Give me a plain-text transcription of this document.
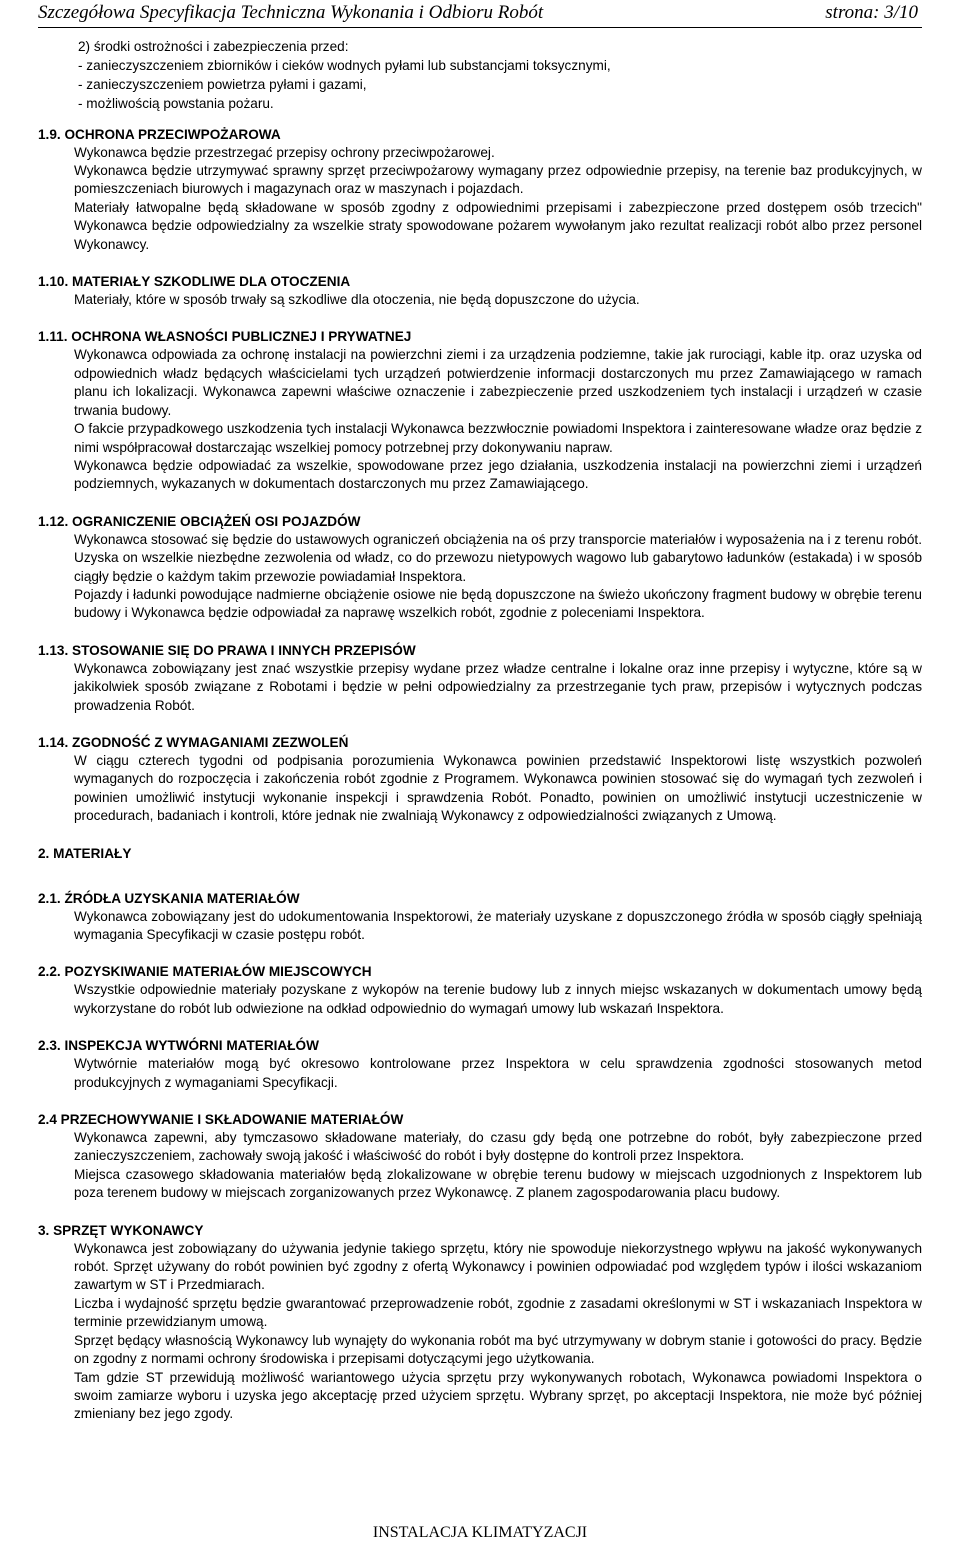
Szczegółowa Specyfikacja Techniczna Wykonania i Odbioru Robót	strona: 3/10
2) środki ostrożności i zabezpieczenia przed:
- zanieczyszczeniem zbiorników i cieków wodnych pyłami lub substancjami toksycznymi,
- zanieczyszczeniem powietrza pyłami i gazami,
- możliwością powstania pożaru.
1.9. OCHRONA PRZECIWPOŻAROWA

Wykonawca będzie przestrzegać przepisy ochrony przeciwpożarowej.

Wykonawca będzie utrzymywać sprawny sprzęt przeciwpożarowy wymagany przez odpowiednie przepisy, na terenie baz produkcyjnych, w pomieszczeniach biurowych i magazynach oraz w maszynach i pojazdach.

Materiały łatwopalne będą składowane w sposób zgodny z odpowiednimi przepisami i zabezpieczone przed dostępem osób trzecich" Wykonawca będzie odpowiedzialny za wszelkie straty spowodowane pożarem wywołanym jako rezultat realizacji robót albo przez personel Wykonawcy.

1.10. MATERIAŁY SZKODLIWE DLA OTOCZENIA

Materiały, które w sposób trwały są szkodliwe dla otoczenia, nie będą dopuszczone do użycia.

1.11. OCHRONA WŁASNOŚCI PUBLICZNEJ I PRYWATNEJ

Wykonawca odpowiada za ochronę instalacji na powierzchni ziemi i za urządzenia podziemne, takie jak rurociągi, kable itp. oraz uzyska od odpowiednich władz będących właścicielami tych urządzeń potwierdzenie informacji dostarczonych mu przez Zamawiającego w ramach planu ich lokalizacji. Wykonawca zapewni właściwe oznaczenie i zabezpieczenie przed uszkodzeniem tych instalacji i urządzeń w czasie trwania budowy.

O fakcie przypadkowego uszkodzenia tych instalacji Wykonawca bezzwłocznie powiadomi Inspektora i zainteresowane władze oraz będzie z nimi współpracował dostarczając wszelkiej pomocy potrzebnej przy dokonywaniu napraw.

Wykonawca będzie odpowiadać za wszelkie, spowodowane przez jego działania, uszkodzenia instalacji na powierzchni ziemi i urządzeń podziemnych, wykazanych w dokumentach dostarczonych mu przez Zamawiającego.

1.12. OGRANICZENIE OBCIĄŻEŃ OSI POJAZDÓW

Wykonawca stosować się będzie do ustawowych ograniczeń obciążenia na oś przy transporcie materiałów i wyposażenia na i z terenu robót. Uzyska on wszelkie niezbędne zezwolenia od władz, co do przewozu nietypowych wagowo lub gabarytowo ładunków (estakada) i w sposób ciągły będzie o każdym takim przewozie powiadamiał Inspektora.

Pojazdy i ładunki powodujące nadmierne obciążenie osiowe nie będą dopuszczone na świeżo ukończony fragment budowy w obrębie terenu budowy i Wykonawca będzie odpowiadał za naprawę wszelkich robót, zgodnie z poleceniami Inspektora.

1.13. STOSOWANIE SIĘ DO PRAWA I INNYCH PRZEPISÓW

Wykonawca zobowiązany jest znać wszystkie przepisy wydane przez władze centralne i lokalne oraz inne przepisy i wytyczne, które są w jakikolwiek sposób związane z Robotami i będzie w pełni odpowiedzialny za przestrzeganie tych praw, przepisów i wytycznych podczas prowadzenia Robót.

1.14. ZGODNOŚĆ Z WYMAGANIAMI ZEZWOLEŃ

W ciągu czterech tygodni od podpisania porozumienia Wykonawca powinien przedstawić Inspektorowi listę wszystkich pozwoleń wymaganych do rozpoczęcia i zakończenia robót zgodnie z Programem. Wykonawca powinien stosować się do wymagań tych zezwoleń i powinien umożliwić instytucji wykonanie inspekcji i sprawdzenia Robót. Ponadto, powinien on umożliwić instytucji uczestniczenie w procedurach, badaniach i kontroli, które jednak nie zwalniają Wykonawcy z odpowiedzialności związanych z Umową.

2. MATERIAŁY
2.1. ŹRÓDŁA UZYSKANIA MATERIAŁÓW

Wykonawca zobowiązany jest do udokumentowania Inspektorowi, że materiały uzyskane z dopuszczonego źródła w sposób ciągły spełniają wymagania Specyfikacji w czasie postępu robót.

2.2. POZYSKIWANIE MATERIAŁÓW MIEJSCOWYCH

Wszystkie odpowiednie materiały pozyskane z wykopów na terenie budowy lub z innych miejsc wskazanych w dokumentach umowy będą wykorzystane do robót lub odwiezione na odkład odpowiednio do wymagań umowy lub wskazań Inspektora.

2.3. INSPEKCJA WYTWÓRNI MATERIAŁÓW

Wytwórnie materiałów mogą być okresowo kontrolowane przez Inspektora w celu sprawdzenia zgodności stosowanych metod produkcyjnych z wymaganiami Specyfikacji.

2.4 PRZECHOWYWANIE I SKŁADOWANIE MATERIAŁÓW

Wykonawca zapewni, aby tymczasowo składowane materiały, do czasu gdy będą one potrzebne do robót, były zabezpieczone przed zanieczyszczeniem, zachowały swoją jakość i właściwość do robót i były dostępne do kontroli przez Inspektora.

Miejsca czasowego składowania materiałów będą zlokalizowane w obrębie terenu budowy w miejscach uzgodnionych z Inspektorem lub poza terenem budowy w miejscach zorganizowanych przez Wykonawcę. Z planem zagospodarowania placu budowy.

3. SPRZĘT WYKONAWCY

Wykonawca jest zobowiązany do używania jedynie takiego sprzętu, który nie spowoduje niekorzystnego wpływu na jakość wykonywanych robót. Sprzęt używany do robót powinien być zgodny z ofertą Wykonawcy i powinien odpowiadać pod względem typów i ilości wskazaniom zawartym w ST i Przedmiarach.

Liczba i wydajność sprzętu będzie gwarantować przeprowadzenie robót, zgodnie z zasadami określonymi w ST i wskazaniach Inspektora w terminie przewidzianym umową.

Sprzęt będący własnością Wykonawcy lub wynajęty do wykonania robót ma być utrzymywany w dobrym stanie i gotowości do pracy. Będzie on zgodny z normami ochrony środowiska i przepisami dotyczącymi jego użytkowania.

Tam gdzie ST przewidują możliwość wariantowego użycia sprzętu przy wykonywanych robotach, Wykonawca powiadomi Inspektora o swoim zamiarze wyboru i uzyska jego akceptację przed użyciem sprzętu. Wybrany sprzęt, po akceptacji Inspektora, nie może być później zmieniany bez jego zgody.

INSTALACJA KLIMATYZACJI
